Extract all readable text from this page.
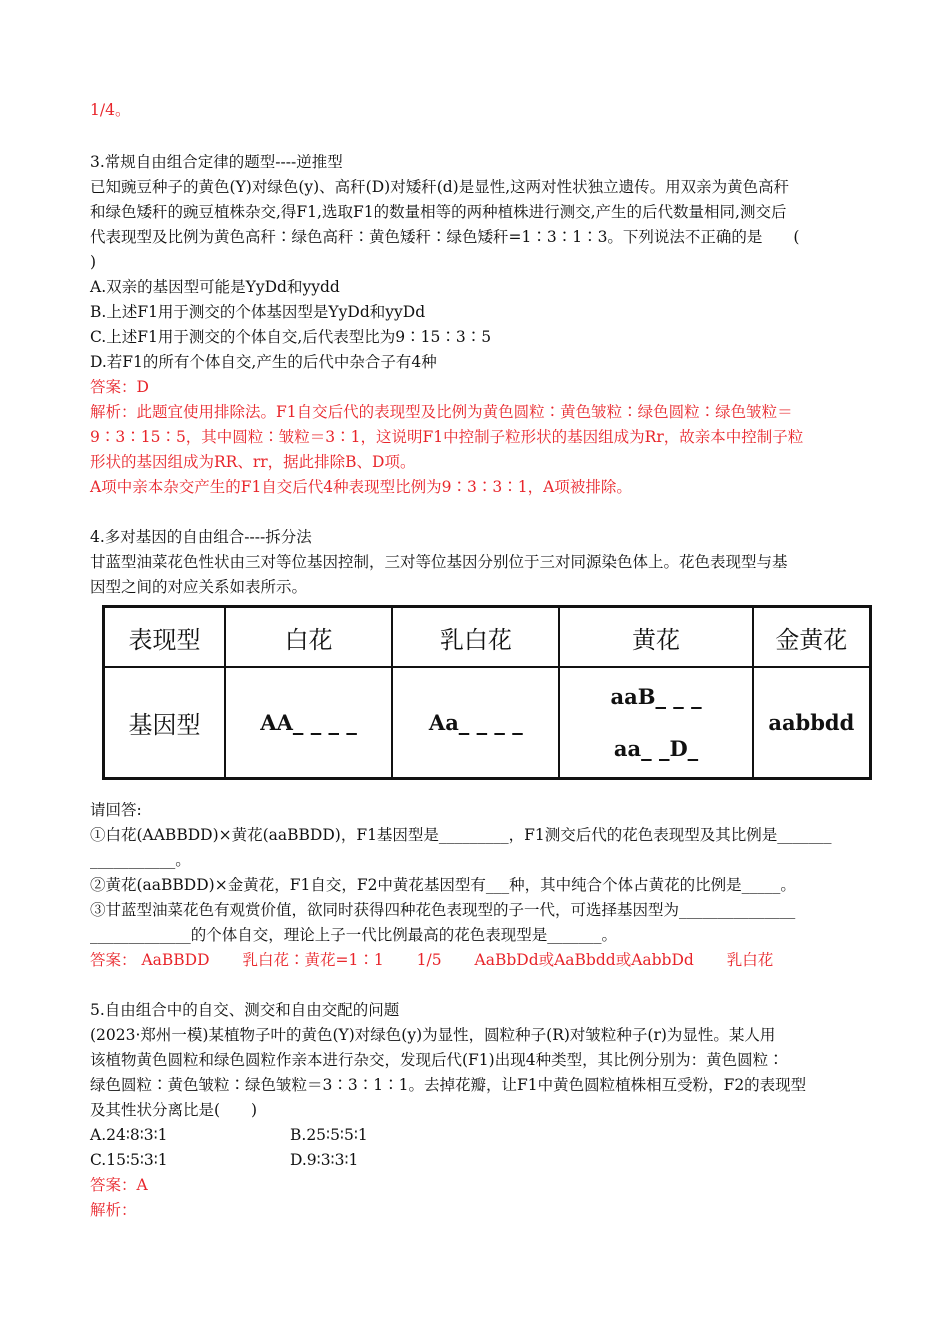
1/4。
3.常规自由组合定律的题型----逆推型
已知豌豆种子的黄色(Y)对绿色(y)、高秆(D)对矮秆(d)是显性,这两对性状独立遗传。用双亲为黄色高秆
和绿色矮秆的豌豆植株杂交,得F1,选取F1的数量相等的两种植株进行测交,产生的后代数量相同,测交后
代表现型及比例为黄色高秆∶绿色高秆∶黄色矮秆∶绿色矮秆=1∶3∶1∶3。下列说法不正确的是　　(
)
A.双亲的基因型可能是YyDd和yydd
B.上述F1用于测交的个体基因型是YyDd和yyDd
C.上述F1用于测交的个体自交,后代表型比为9∶15∶3∶5
D.若F1的所有个体自交,产生的后代中杂合子有4种
答案：D
解析：此题宜使用排除法。F1自交后代的表现型及比例为黄色圆粒∶黄色皱粒∶绿色圆粒∶绿色皱粒＝
9∶3∶15∶5，其中圆粒∶皱粒＝3∶1，这说明F1中控制子粒形状的基因组成为Rr，故亲本中控制子粒
形状的基因组成为RR、rr，据此排除B、D项。
A项中亲本杂交产生的F1自交后代4种表现型比例为9∶3∶3∶1，A项被排除。
4.多对基因的自由组合----拆分法
甘蓝型油菜花色性状由三对等位基因控制，三对等位基因分别位于三对同源染色体上。花色表现型与基
因型之间的对应关系如表所示。
表现型	白花	乳白花	黄花	金黄花
基因型	AA_ _ _ _	Aa_ _ _ _	aaB_ _ _
aa_ _D_	aabbdd
请回答:
①白花(AABBDD)×黄花(aaBBDD)，F1基因型是_________，F1测交后代的花色表现型及其比例是_______
___________。
②黄花(aaBBDD)×金黄花，F1自交，F2中黄花基因型有___种，其中纯合个体占黄花的比例是_____。
③甘蓝型油菜花色有观赏价值，欲同时获得四种花色表现型的子一代，可选择基因型为_______________
_____________的个体自交，理论上子一代比例最高的花色表现型是_______。
答案： AaBBDD 乳白花∶黄花=1∶1 1/5 AaBbDd或AaBbdd或AabbDd 乳白花
5.自由组合中的自交、测交和自由交配的问题
(2023·郑州一模)某植物子叶的黄色(Y)对绿色(y)为显性，圆粒种子(R)对皱粒种子(r)为显性。某人用
该植物黄色圆粒和绿色圆粒作亲本进行杂交，发现后代(F1)出现4种类型，其比例分别为：黄色圆粒∶
绿色圆粒∶黄色皱粒∶绿色皱粒＝3∶3∶1∶1。去掉花瓣，让F1中黄色圆粒植株相互受粉，F2的表现型
及其性状分离比是(　　)
A.24∶8∶3∶1	B.25∶5∶5∶1
C.15∶5∶3∶1	D.9∶3∶3∶1
答案：A
解析：
